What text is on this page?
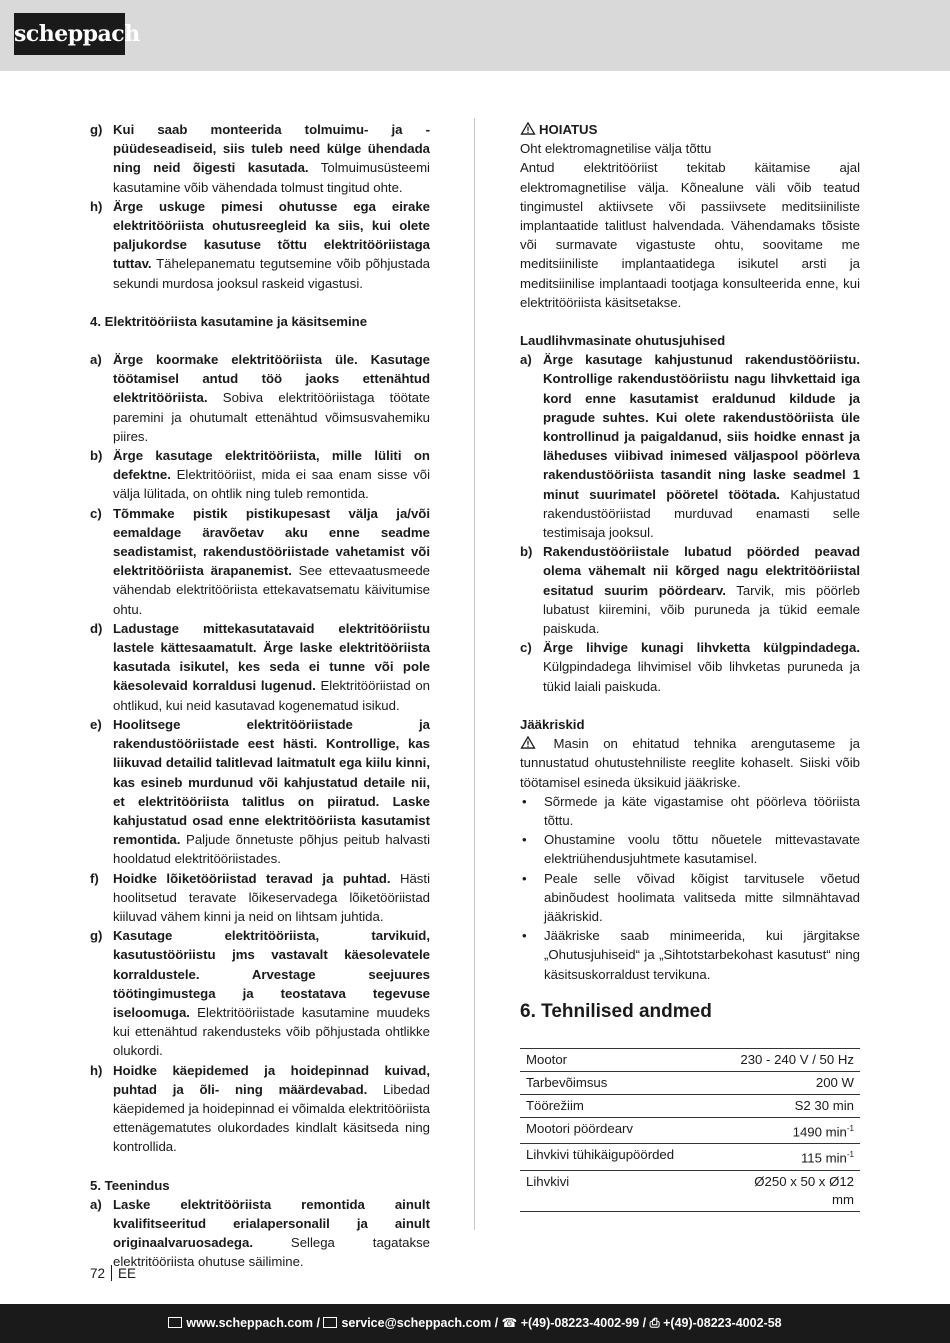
scheppach
g) Kui saab monteerida tolmuimu- ja -püüdeseadiseid, siis tuleb need külge ühendada ning neid õigesti kasutada. Tolmuimusüsteemi kasutamine võib vähendada tolmust tingitud ohte.
h) Ärge uskuge pimesi ohutusse ega eirake elektritööriista ohutusreegleid ka siis, kui olete paljukordse kasutuse tõttu elektritööriistaga tuttav. Tähelepanematu tegutsemine võib põhjustada sekundi murdosa jooksul raskeid vigastusi.
4. Elektritööriista kasutamine ja käsitsemine
a) Ärge koormake elektritööriista üle. Kasutage töötamisel antud töö jaoks ettenähtud elektritööriista. Sobiva elektritööriistaga töötate paremini ja ohutumalt ettenähtud võimsusvahemiku piires.
b) Ärge kasutage elektritööriista, mille lüliti on defektne. Elektritööriist, mida ei saa enam sisse või välja lülitada, on ohtlik ning tuleb remontida.
c) Tõmmake pistik pistikupesast välja ja/või eemaldage äravõetav aku enne seadme seadistamist, rakendustööriistade vahetamist või elektritööriista ärapanemist. See ettevaatusmeede vähendab elektritööriista ettekavatsematu käivitumise ohtu.
d) Ladustage mittekasutatavaid elektritööriistu lastele kättesaamatult. Ärge laske elektritööriista kasutada isikutel, kes seda ei tunne või pole käesolevaid korraldusi lugenud. Elektritööriistad on ohtlikud, kui neid kasutavad kogenematud isikud.
e) Hoolitsege elektritööriistade ja rakendustööriistade eest hästi. Kontrollige, kas liikuvad detailid talitlevad laitmatult ega kiilu kinni, kas esineb murdunud või kahjustatud detaile nii, et elektritööriista talitlus on piiratud. Laske kahjustatud osad enne elektritööriista kasutamist remontida. Paljude õnnetuste põhjus peitub halvasti hooldatud elektritööriistades.
f)	Hoidke lõiketööriistad teravad ja puhtad. Hästi hoolitsetud teravate lõikeservadega lõiketööriistad kiiluvad vähem kinni ja neid on lihtsam juhtida.
g) Kasutage elektritööriista, tarvikuid, kasutustööriistu jms vastavalt käesolevatele korraldustele. Arvestage seejuures töötingimustega ja teostatava tegevuse iseloomuga. Elektritööriistade kasutamine muudeks kui ettenähtud rakendusteks võib põhjustada ohtlikke olukordi.
h) Hoidke käepidemed ja hoidepinnad kuivad, puhtad ja õli- ning määrdevabad. Libedad käepidemed ja hoidepinnad ei võimalda elektritööriista ettenägematutes olukordades kindlalt käsitseda ning kontrollida.
5. Teenindus
a) Laske elektritööriista remontida ainult kvalifitseeritud erialapersonalil ja ainult originaalvaruosadega. Sellega tagatakse elektritööriista ohutuse säilimine.
HOIATUS
Oht elektromagnetilise välja tõttu
Antud elektritööriist tekitab käitamise ajal elektromagnetilise välja. Kõnealune väli võib teatud tingimustel aktiivsete või passiivsete meditsiiniliste implantaatide talitlust halvendada. Vähendamaks tõsiste või surmavate vigastuste ohtu, soovitame me meditsiiniliste implantaatidega isikutel arsti ja meditsiinilise implantaadi tootjaga konsulteerida enne, kui elektritööriista käsitsetakse.
Laudlihvmasinate ohutusjuhised
a) Ärge kasutage kahjustunud rakendustööriistu. Kontrollige rakendustööriistu nagu lihvkettaid iga kord enne kasutamist eraldunud kildude ja pragude suhtes. Kui olete rakendustööriista üle kontrollinud ja paigaldanud, siis hoidke ennast ja läheduses viibivad inimesed väljaspool pöörleva rakendustööriista tasandit ning laske seadmel 1 minut suurimatel pööretel töötada. Kahjustatud rakendustööriistad murduvad enamasti selle testimisaja jooksul.
b) Rakendustööriistale lubatud pöörded peavad olema vähemalt nii kõrged nagu elektritööriistal esitatud suurim pöördearv. Tarvik, mis pöörleb lubatust kiiremini, võib puruneda ja tükid eemale paiskuda.
c) Ärge lihvige kunagi lihvketta külgpindadega. Külgpindadega lihvimisel võib lihvketas puruneda ja tükid laiali paiskuda.
Jääkriskid
Masin on ehitatud tehnika arengutaseme ja tunnustatud ohutustehniliste reeglite kohaselt. Siiski võib töötamisel esineda üksikuid jääkriske.
•	Sõrmede ja käte vigastamise oht pöörleva tööriista tõttu.
•	Ohustamine voolu tõttu nõuetele mittevastavate elektriühendusjuhtmete kasutamisel.
•	Peale selle võivad kõigist tarvitusele võetud abinõudest hoolimata valitseda mitte silmnähtavad jääkriskid.
•	Jääkriske saab minimeerida, kui järgitakse „Ohutusjuhiseid“ ja „Sihtotstarbekohast kasutust“ ning käsitsuskorraldust tervikuna.
6. Tehnilised andmed
Mootor	230 - 240 V / 50 Hz
Tarbevõimsus	200 W
Töörežiim	S2 30 min
Mootori pöördearv	1490 $\min^{-1}$
Lihvkivi tühikäigupöörded	115 $\min^{-1}$
Lihvkivi	Ø250 x 50 x Ø12
mm
72 EE
www.scheppach.com / service@scheppach.com / ☎ +(49)-08223-4002-99 / ⎙ +(49)-08223-4002-58
